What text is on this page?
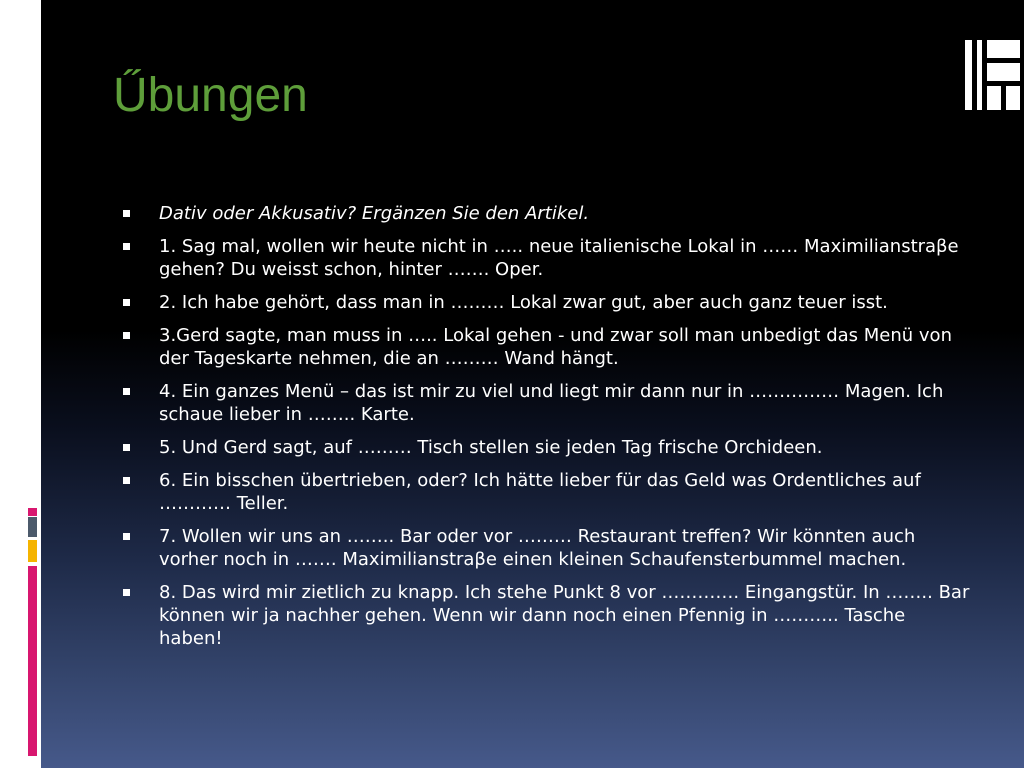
Űbungen
Dativ oder Akkusativ? Ergänzen Sie den Artikel.
1. Sag mal, wollen wir heute nicht in ….. neue italienische Lokal in …… Maximilianstraβe gehen? Du weisst schon, hinter ……. Oper.
2. Ich habe gehört, dass man in ……… Lokal zwar gut, aber auch ganz teuer isst.
3.Gerd sagte, man muss in ….. Lokal gehen - und zwar soll man unbedigt das Menü von der Tageskarte nehmen, die an ……… Wand hängt.
4. Ein ganzes Menü – das ist mir zu viel und liegt mir dann nur in …………… Magen. Ich schaue lieber in …….. Karte.
5. Und Gerd sagt, auf ……… Tisch stellen sie jeden Tag frische Orchideen.
6. Ein bisschen übertrieben, oder? Ich hätte lieber für das Geld was Ordentliches auf ………… Teller.
7. Wollen wir uns an …….. Bar oder vor ……… Restaurant treffen? Wir könnten auch vorher noch in ……. Maximilianstraβe einen kleinen Schaufensterbummel machen.
8. Das wird mir zietlich zu knapp. Ich stehe Punkt 8 vor …………. Eingangstür. In …….. Bar können wir ja nachher gehen. Wenn wir dann noch einen Pfennig in ……….. Tasche haben!
